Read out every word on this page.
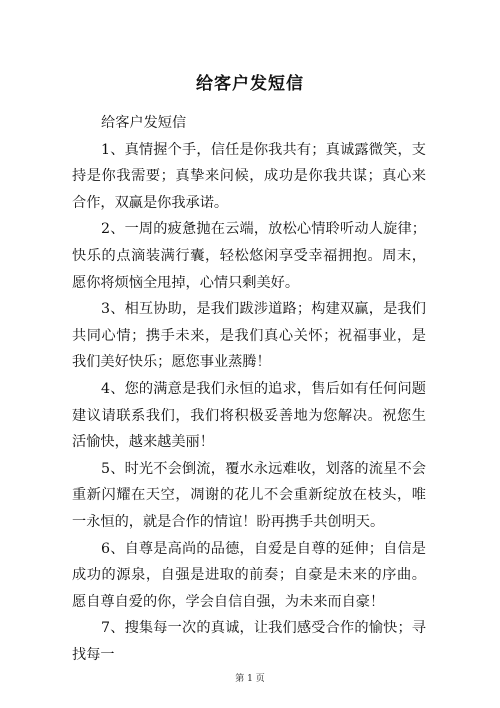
给客户发短信

给客户发短信

1、真情握个手，信任是你我共有；真诚露微笑，支持是你我需要；真挚来问候，成功是你我共谋；真心来合作，双赢是你我承诺。

2、一周的疲惫抛在云端，放松心情聆听动人旋律；快乐的点滴装满行囊，轻松悠闲享受幸福拥抱。周末，愿你将烦恼全甩掉，心情只剩美好。

3、相互协助，是我们跋涉道路；构建双赢，是我们共同心情；携手未来，是我们真心关怀；祝福事业，是我们美好快乐；愿您事业蒸腾！

4、您的满意是我们永恒的追求，售后如有任何问题建议请联系我们，我们将积极妥善地为您解决。祝您生活愉快，越来越美丽！

5、时光不会倒流，覆水永远难收，划落的流星不会重新闪耀在天空，凋谢的花儿不会重新绽放在枝头，唯一永恒的，就是合作的情谊！盼再携手共创明天。

6、自尊是高尚的品德，自爱是自尊的延伸；自信是成功的源泉，自强是进取的前奏；自豪是未来的序曲。愿自尊自爱的你，学会自信自强，为未来而自豪！

7、搜集每一次的真诚，让我们感受合作的愉快；寻找每一

第 1 页
